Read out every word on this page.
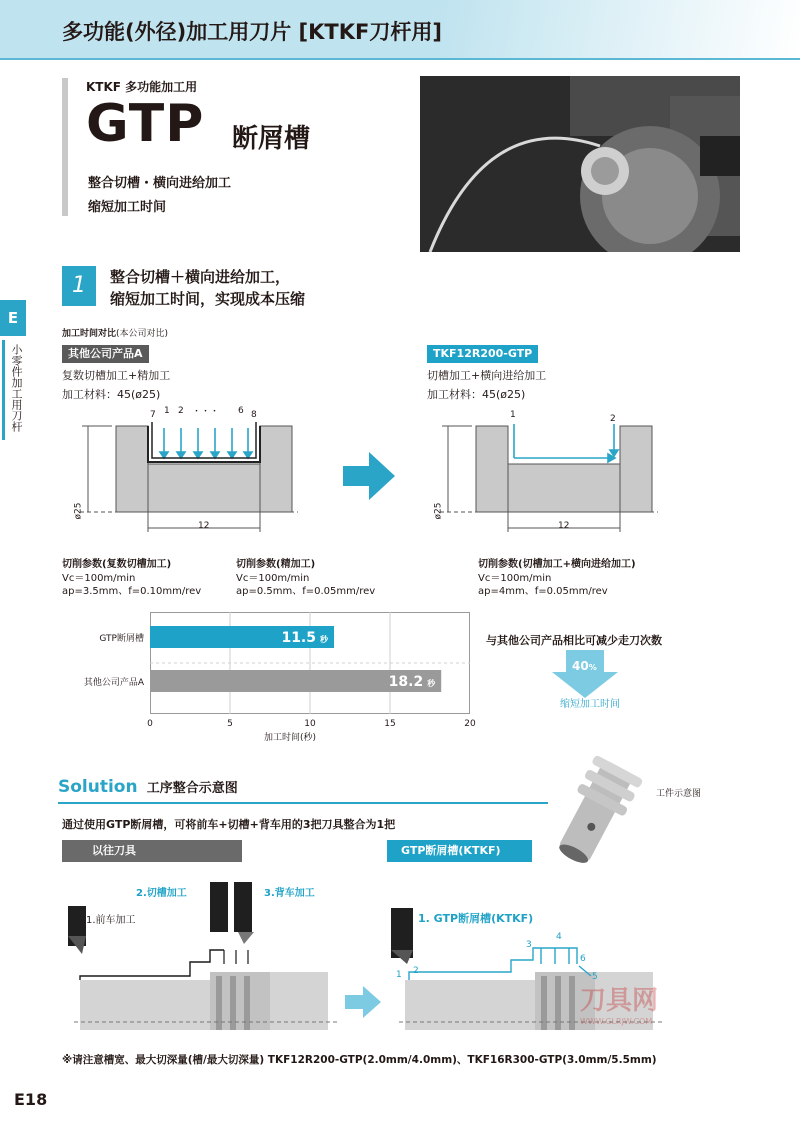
多功能(外径)加工用刀片 [KTKF刀杆用]
KTKF 多功能加工用
GTP 断屑槽
整合切槽・横向进给加工
缩短加工时间
E
小零件加工用刀杆
1	整合切槽＋横向进给加工，
缩短加工时间，实现成本压缩
加工时间对比(本公司对比)
其他公司产品A
复数切槽加工+精加工
加工材料：45(ø25)
7 1 2 ・・・ 6 8
12
ø25
TKF12R200-GTP
切槽加工+横向进给加工
加工材料：45(ø25)
1	2
12
ø25
切削参数(复数切槽加工)
Vc＝100m/min
ap=3.5mm、f=0.10mm/rev
切削参数(精加工)
Vc＝100m/min
ap=0.5mm、f=0.05mm/rev
切削参数(切槽加工+横向进给加工)
Vc＝100m/min
ap=4mm、f=0.05mm/rev
0	5	10	15	20
加工时间(秒)
GTP断屑槽	11.5 秒
其他公司产品A	18.2 秒
与其他公司产品相比可减少走刀次数
40%
缩短加工时间
Solution 工序整合示意图	工件示意图
通过使用GTP断屑槽，可将前车+切槽+背车用的3把刀具整合为1把
以往刀具	GTP断屑槽(KTKF)
1.前车加工
2.切槽加工	3.背车加工
1. GTP断屑槽(KTKF)
1 2
3
4
5
6
刀具网
WWW.GLRJW.COM
※请注意槽宽、最大切深量(槽/最大切深量) TKF12R200-GTP(2.0mm/4.0mm)、TKF16R300-GTP(3.0mm/5.5mm)
E18
